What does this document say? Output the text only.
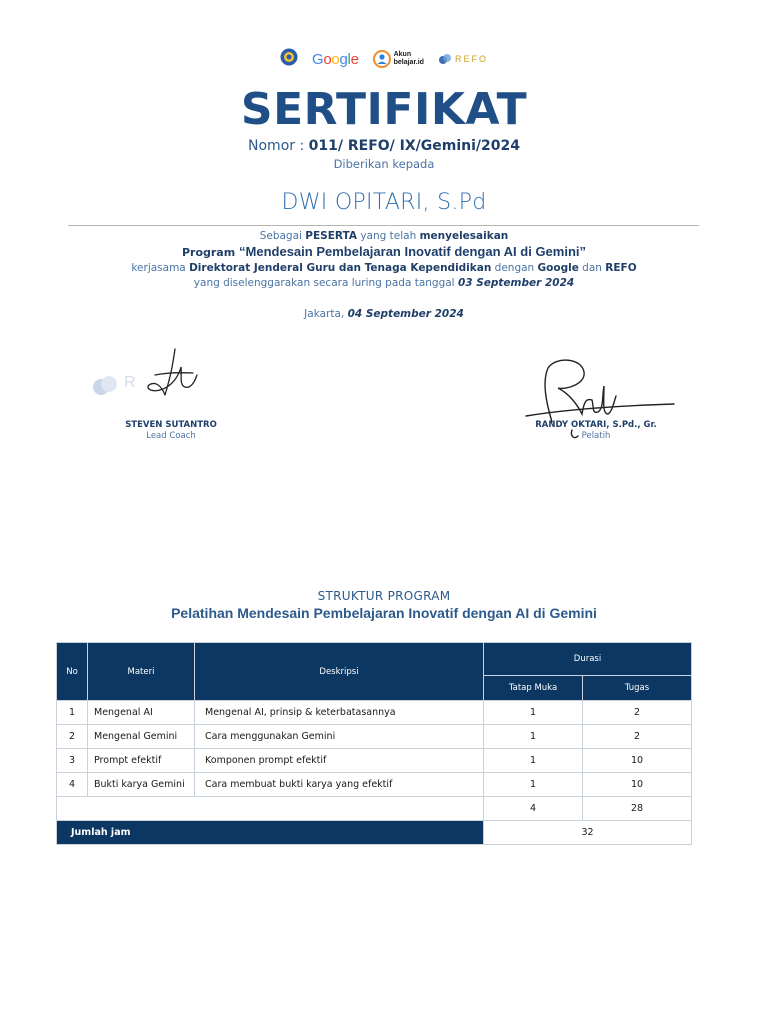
Google	Akun
belajar.id	REFO
SERTIFIKAT
Nomor : 011/ REFO/ IX/Gemini/2024
Diberikan kepada
DWI OPITARI, S.Pd
Sebagai PESERTA yang telah menyelesaikan
Program “Mendesain Pembelajaran Inovatif dengan AI di Gemini”
kerjasama Direktorat Jenderal Guru dan Tenaga Kependidikan dengan Google dan REFO
yang diselenggarakan secara luring pada tanggal 03 September 2024
Jakarta, 04 September 2024
R
STEVEN SUTANTRO
Lead Coach
RANDY OKTARI, S.Pd., Gr.
Pelatih
STRUKTUR PROGRAM
Pelatihan Mendesain Pembelajaran Inovatif dengan AI di Gemini
No	Materi	Deskripsi	Durasi	
			Tatap Muka	Tugas
1	Mengenal AI	Mengenal AI, prinsip & keterbatasannya	1	2
2	Mengenal Gemini	Cara menggunakan Gemini	1	2
3	Prompt efektif	Komponen prompt efektif	1	10
4	Bukti karya Gemini	Cara membuat bukti karya yang efektif	1	10
			4	28
Jumlah jam			32	
